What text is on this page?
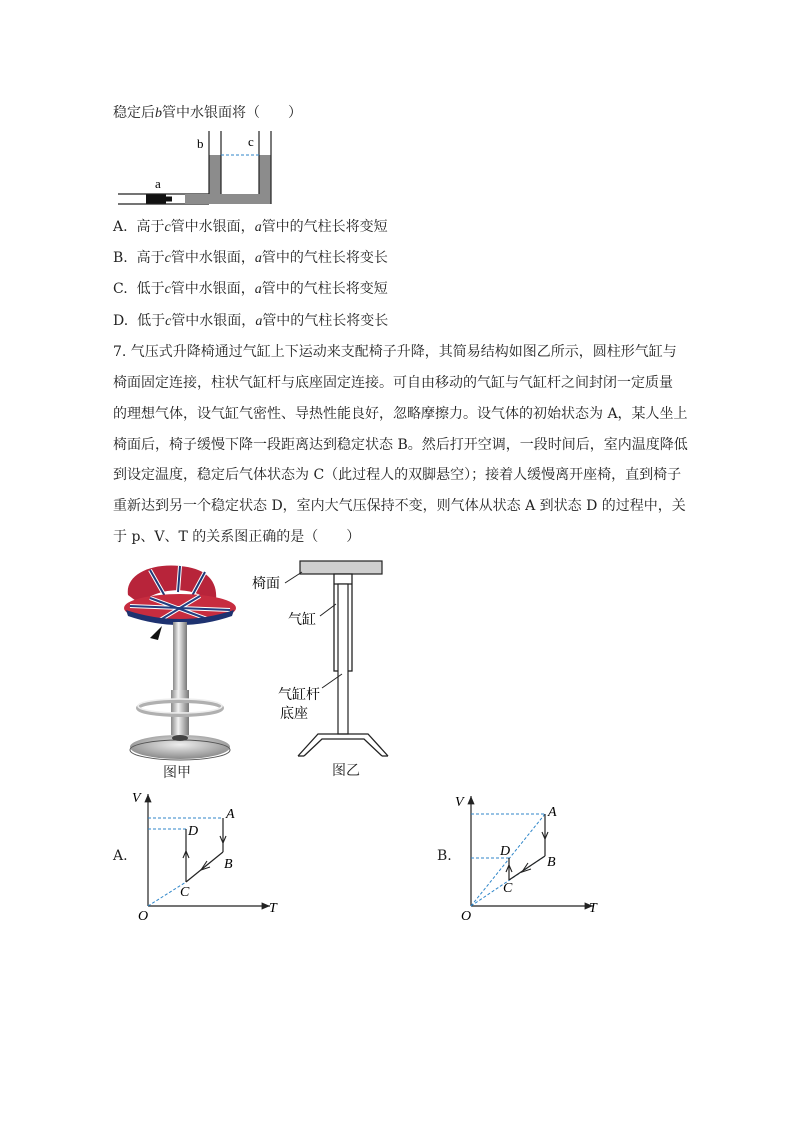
稳定后b管中水银面将（　　）
b	c
a
A. 高于c管中水银面，a管中的气柱长将变短
B. 高于c管中水银面，a管中的气柱长将变长
C. 低于c管中水银面，a管中的气柱长将变短
D. 低于c管中水银面，a管中的气柱长将变长
7. 气压式升降椅通过气缸上下运动来支配椅子升降，其简易结构如图乙所示，圆柱形气缸与
椅面固定连接，柱状气缸杆与底座固定连接。可自由移动的气缸与气缸杆之间封闭一定质量
的理想气体，设气缸气密性、导热性能良好，忽略摩擦力。设气体的初始状态为 A，某人坐上
椅面后，椅子缓慢下降一段距离达到稳定状态 B。然后打开空调，一段时间后，室内温度降低
到设定温度，稳定后气体状态为 C（此过程人的双脚悬空）；接着人缓慢离开座椅，直到椅子
重新达到另一个稳定状态 D，室内大气压保持不变，则气体从状态 A 到状态 D 的过程中，关
于 p、V、T 的关系图正确的是（　　）
图甲
椅面
气缸
气缸杆
底座
图乙
A.
V
T
O
A
B
C
D
B.
V
T
O
A
B
C
D
